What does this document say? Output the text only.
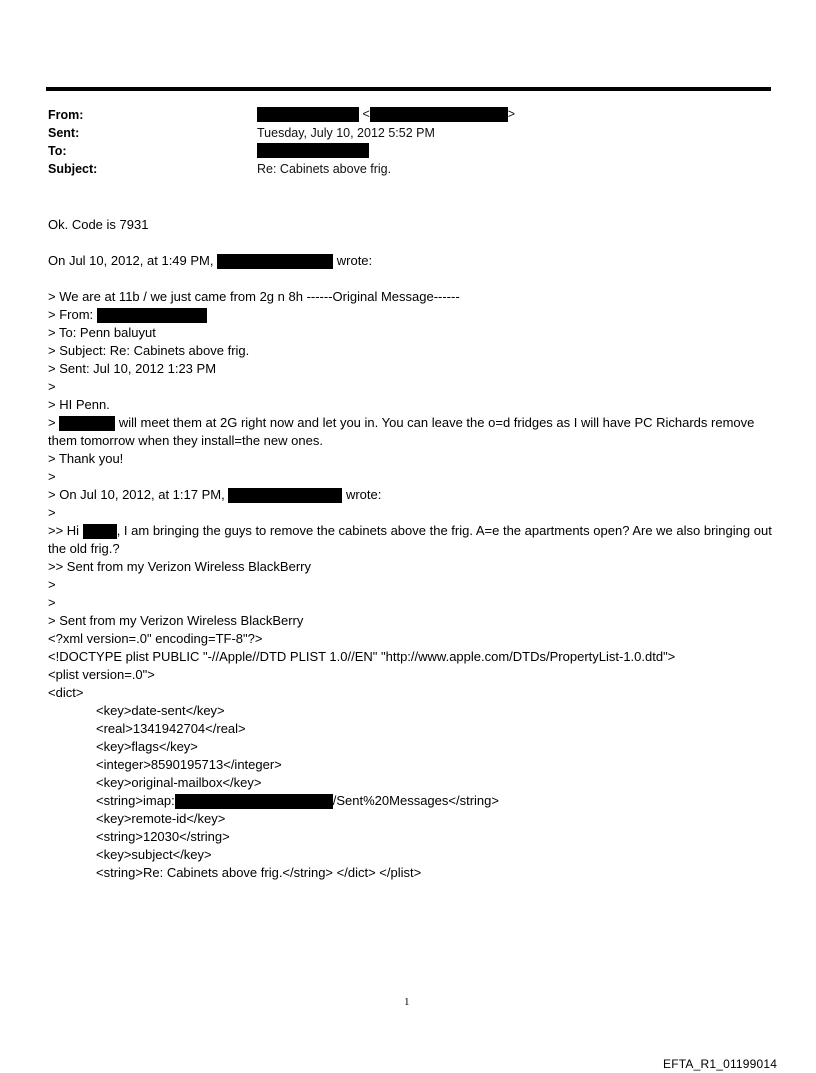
From:	<	>
Sent:	Tuesday, July 10, 2012 5:52 PM
To:
Subject:	Re: Cabinets above frig.
Ok. Code is 7931
On Jul 10, 2012, at 1:49 PM,	wrote:
> We are at 11b / we just came from 2g n 8h ------Original Message------
> From:
> To: Penn baluyut
> Subject: Re: Cabinets above frig.
> Sent: Jul 10, 2012 1:23 PM
>
> HI Penn.
>	will meet them at 2G right now and let you in. You can leave the o=d fridges as I will have PC Richards remove them tomorrow when they install=the new ones.
> Thank you!
>
> On Jul 10, 2012, at 1:17 PM,	wrote:
>
>> Hi	, I am bringing the guys to remove the cabinets above the frig. A=e the apartments open? Are we also bringing out the old frig.?
>> Sent from my Verizon Wireless BlackBerry
>
>
> Sent from my Verizon Wireless BlackBerry
<?xml version=.0" encoding=TF-8"?>
<!DOCTYPE plist PUBLIC "-//Apple//DTD PLIST 1.0//EN" "http://www.apple.com/DTDs/PropertyList-1.0.dtd">
<plist version=.0">
<dict>
<key>date-sent</key>
<real>1341942704</real>
<key>flags</key>
<integer>8590195713</integer>
<key>original-mailbox</key>
<string>imap:	/Sent%20Messages</string>
<key>remote-id</key>
<string>12030</string>
<key>subject</key>
<string>Re: Cabinets above frig.</string> </dict> </plist>
1
EFTA_R1_01199014
